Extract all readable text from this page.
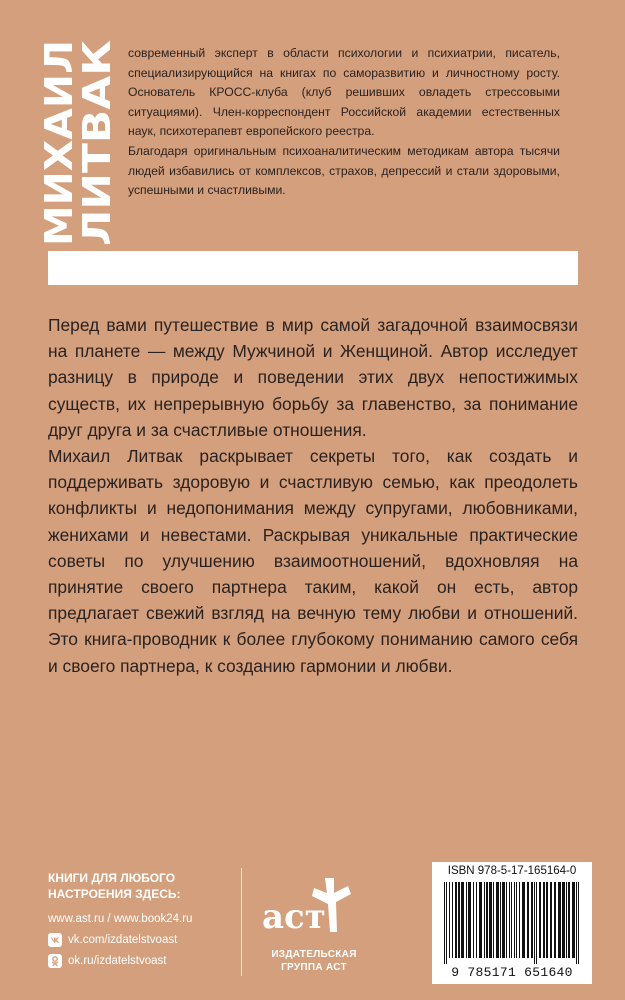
МИХАИЛ
ЛИТВАК

современный эксперт в области психологии и психиатрии, писатель, специализирующийся на книгах по саморазвитию и личностному росту. Основатель КРОСС-клуба (клуб решивших овладеть стрессовыми ситуациями). Член-корреспондент Российской академии естественных наук, психотерапевт европейского реестра.

Благодаря оригинальным психоаналитическим методикам автора тысячи людей избавились от комплексов, страхов, депрессий и стали здоровыми, успешными и счастливыми.

Перед вами путешествие в мир самой загадочной взаимосвязи на планете — между Мужчиной и Женщиной. Автор исследует разницу в природе и поведении этих двух непостижимых существ, их непрерывную борьбу за главенство, за понимание друг друга и за счастливые отношения.

Михаил Литвак раскрывает секреты того, как создать и поддерживать здоровую и счастливую семью, как преодолеть конфликты и недопонимания между супругами, любовниками, женихами и невестами. Раскрывая уникальные практические советы по улучшению взаимоотношений, вдохновляя на принятие своего партнера таким, какой он есть, автор предлагает свежий взгляд на вечную тему любви и отношений. Это книга-проводник к более глубокому пониманию самого себя и своего партнера, к созданию гармонии и любви.

КНИГИ ДЛЯ ЛЮБОГО
НАСТРОЕНИЯ ЗДЕСЬ:
www.ast.ru / www.book24.ru
vk.com/izdatelstvoast
ok.ru/izdatelstvoast
аст
ИЗДАТЕЛЬСКАЯ
ГРУППА АСТ
ISBN 978-5-17-165164-0
9 785171 651640
